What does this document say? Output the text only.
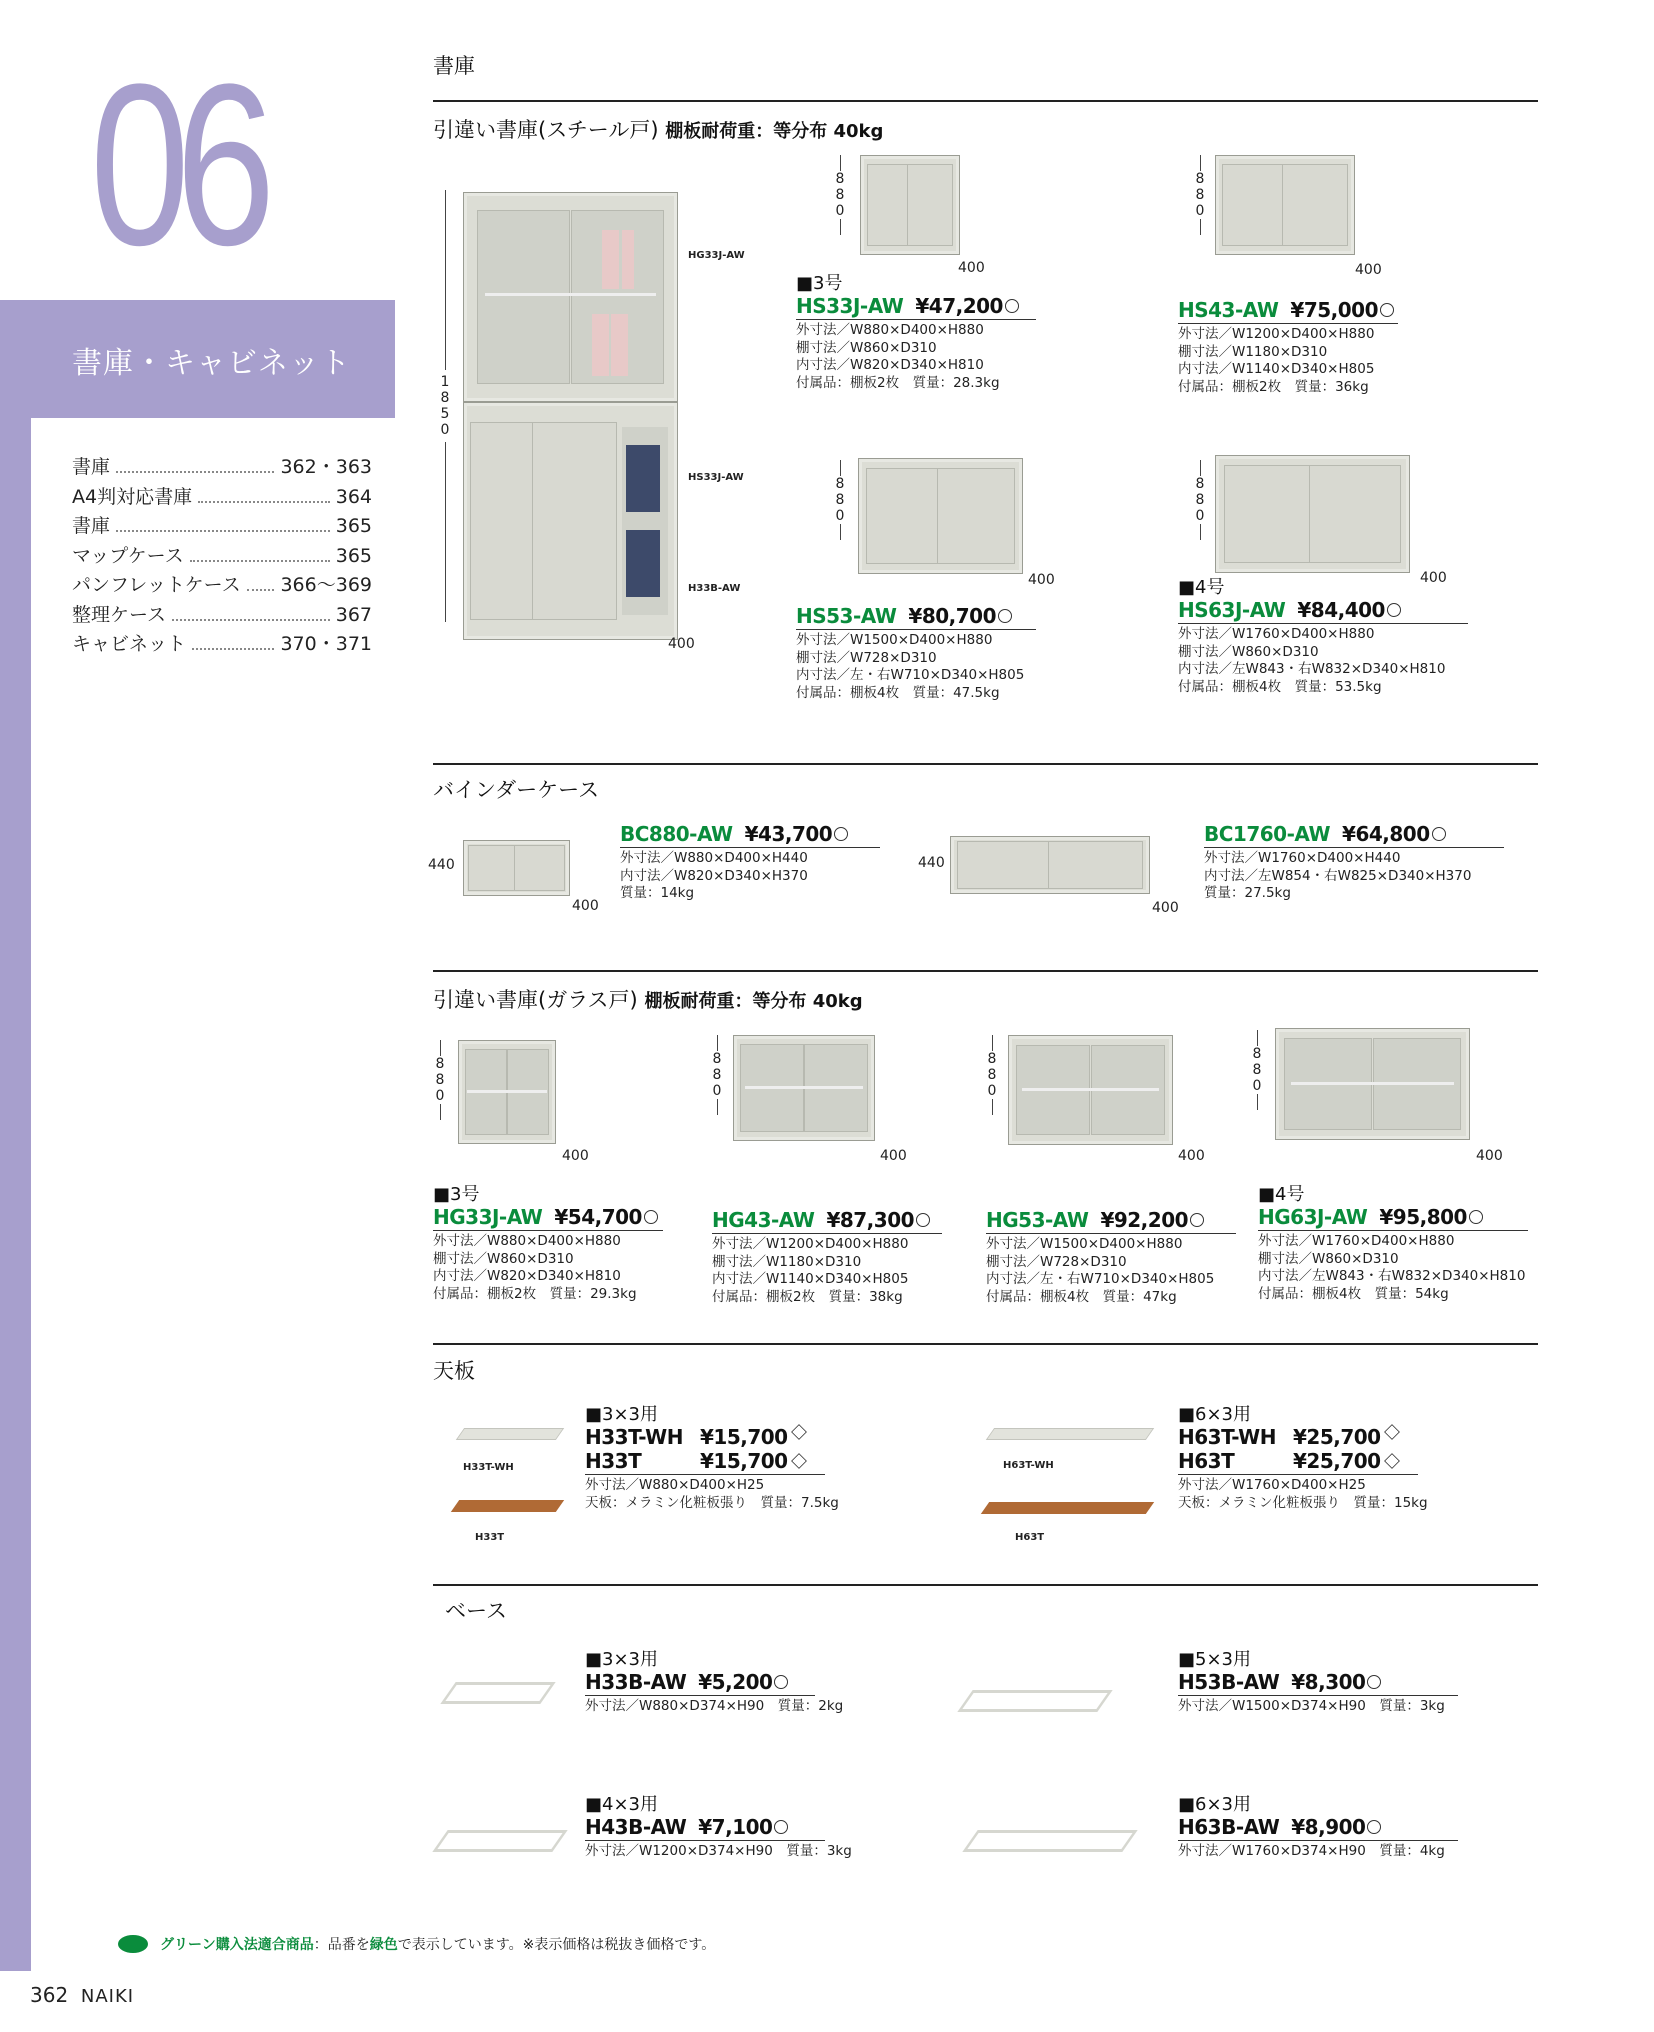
06
書庫・キャビネット
書庫	362・363
A4判対応書庫	364
書庫	365
マップケース	365
パンフレットケース 366〜369
整理ケース	367
キャビネット	370・371
書庫
引違い書庫(スチール戸) 棚板耐荷重：等分布 40kg
1850
HG33J-AW
HS33J-AW
H33B-AW
400
880
400
■3号
HS33J-AW ¥47,200
外寸法／W880×D400×H880
棚寸法／W860×D310
内寸法／W820×D340×H810
付属品：棚板2枚　質量：28.3kg
880
400
HS43-AW ¥75,000
外寸法／W1200×D400×H880
棚寸法／W1180×D310
内寸法／W1140×D340×H805
付属品：棚板2枚　質量：36kg
880
400
HS53-AW ¥80,700
外寸法／W1500×D400×H880
棚寸法／W728×D310
内寸法／左・右W710×D340×H805
付属品：棚板4枚　質量：47.5kg
880
400
■4号
HS63J-AW ¥84,400
外寸法／W1760×D400×H880
棚寸法／W860×D310
内寸法／左W843・右W832×D340×H810
付属品：棚板4枚　質量：53.5kg
バインダーケース
440
400
BC880-AW ¥43,700
外寸法／W880×D400×H440
内寸法／W820×D340×H370
質量：14kg
440
400
BC1760-AW ¥64,800
外寸法／W1760×D400×H440
内寸法／左W854・右W825×D340×H370
質量：27.5kg
引違い書庫(ガラス戸) 棚板耐荷重：等分布 40kg
880
400
■3号
HG33J-AW ¥54,700
外寸法／W880×D400×H880
棚寸法／W860×D310
内寸法／W820×D340×H810
付属品：棚板2枚　質量：29.3kg
880
400
HG43-AW ¥87,300
外寸法／W1200×D400×H880
棚寸法／W1180×D310
内寸法／W1140×D340×H805
付属品：棚板2枚　質量：38kg
880
400
HG53-AW ¥92,200
外寸法／W1500×D400×H880
棚寸法／W728×D310
内寸法／左・右W710×D340×H805
付属品：棚板4枚　質量：47kg
880
400
■4号
HG63J-AW ¥95,800
外寸法／W1760×D400×H880
棚寸法／W860×D310
内寸法／左W843・右W832×D340×H810
付属品：棚板4枚　質量：54kg
天板
H33T-WH
H33T
■3×3用
H33T-WH ¥15,700
H33T	¥15,700
外寸法／W880×D400×H25
天板：メラミン化粧板張り　質量：7.5kg
H63T-WH
H63T
■6×3用
H63T-WH ¥25,700
H63T	¥25,700
外寸法／W1760×D400×H25
天板：メラミン化粧板張り　質量：15kg
ベース
■3×3用
H33B-AW ¥5,200
外寸法／W880×D374×H90　質量：2kg
■5×3用
H53B-AW ¥8,300
外寸法／W1500×D374×H90　質量：3kg
■4×3用
H43B-AW ¥7,100
外寸法／W1200×D374×H90　質量：3kg
■6×3用
H63B-AW ¥8,900
外寸法／W1760×D374×H90　質量：4kg
グリーン購入法適合商品：品番を緑色で表示しています。※表示価格は税抜き価格です。
362 NAIKI
